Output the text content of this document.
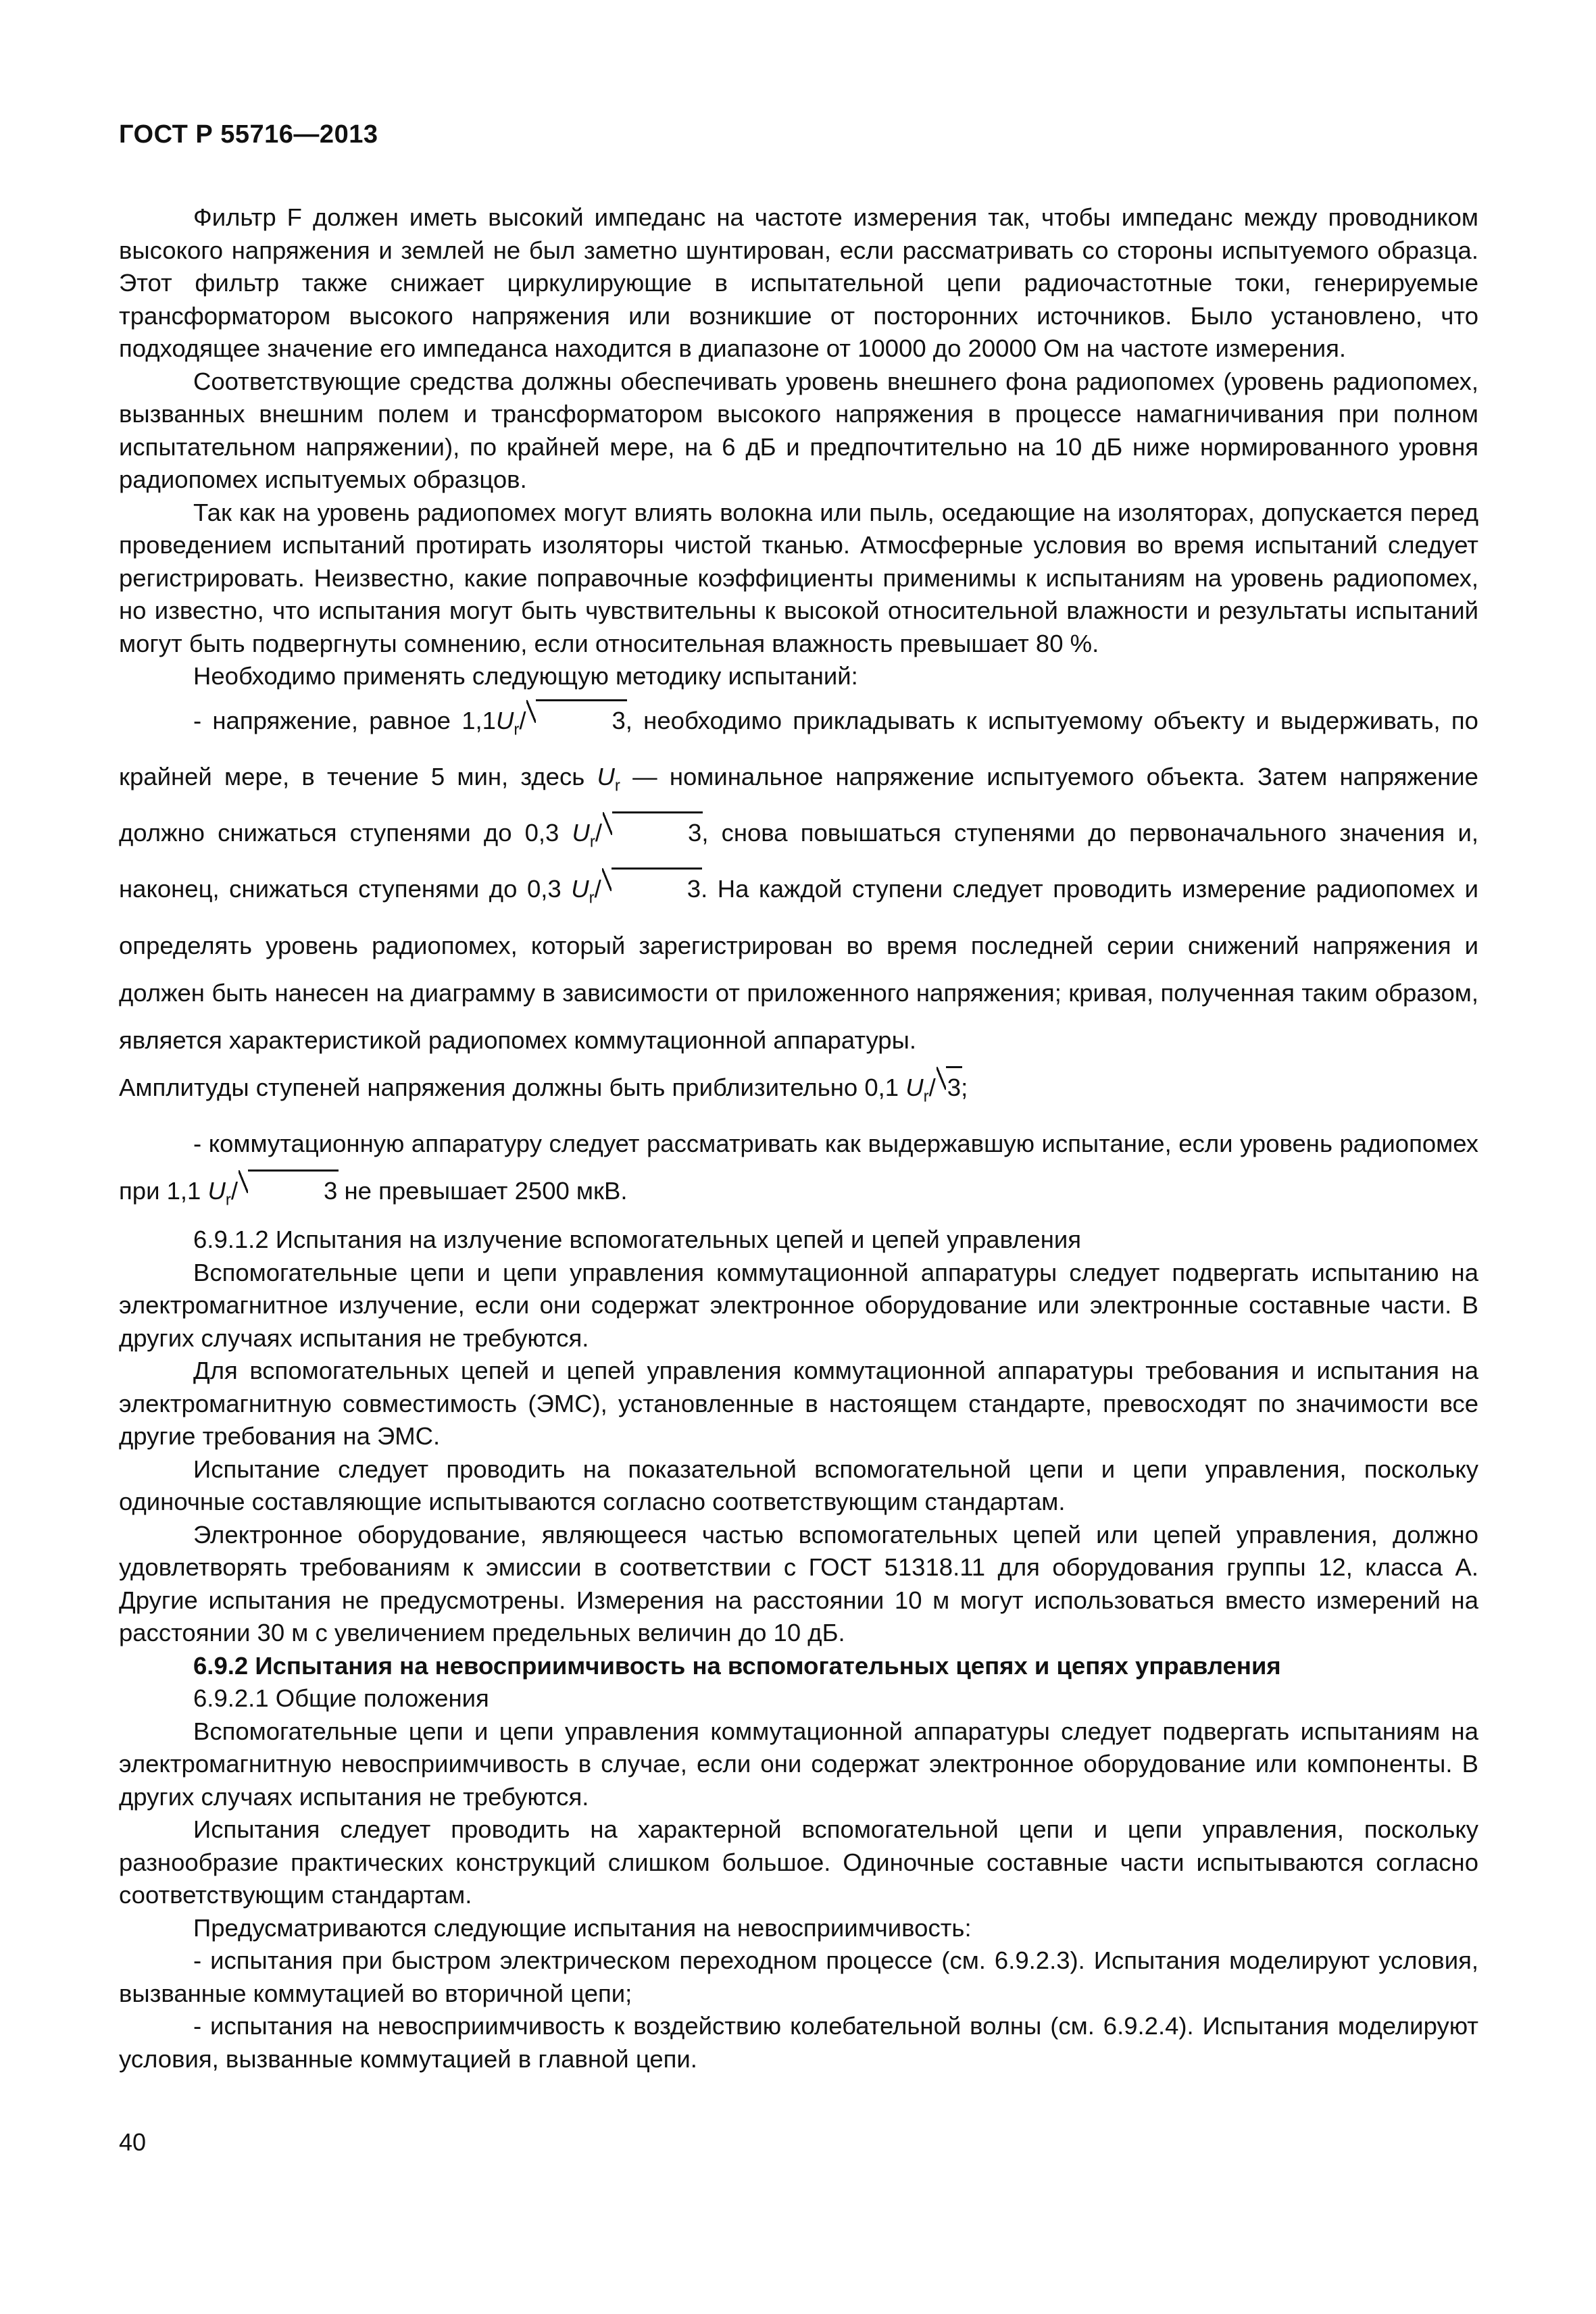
ГОСТ Р 55716—2013

Фильтр F должен иметь высокий импеданс на частоте измерения так, чтобы импеданс между проводником высокого напряжения и землей не был заметно шунтирован, если рассматривать со стороны испытуемого образца. Этот фильтр также снижает циркулирующие в испытательной цепи радиочастотные токи, генерируемые трансформатором высокого напряжения или возникшие от посторонних источников. Было установлено, что подходящее значение его импеданса находится в диапазоне от 10000 до 20000 Ом на частоте измерения.

Соответствующие средства должны обеспечивать уровень внешнего фона радиопомех (уровень радиопомех, вызванных внешним полем и трансформатором высокого напряжения в процессе намагничивания при полном испытательном напряжении), по крайней мере, на 6 дБ и предпочтительно на 10 дБ ниже нормированного уровня радиопомех испытуемых образцов.

Так как на уровень радиопомех могут влиять волокна или пыль, оседающие на изоляторах, допускается перед проведением испытаний протирать изоляторы чистой тканью. Атмосферные условия во время испытаний следует регистрировать. Неизвестно, какие поправочные коэффициенты применимы к испытаниям на уровень радиопомех, но известно, что испытания могут быть чувствительны к высокой относительной влажности и результаты испытаний могут быть подвергнуты сомнению, если относительная влажность превышает 80 %.

Необходимо применять следующую методику испытаний:

- напряжение, равное $1,1U_r/$	3, необходимо прикладывать к испытуемому объекту и выдерживать, по крайней мере, в течение 5 мин, здесь $U_r$ — номинальное напряжение испытуемого объекта. Затем напряжение должно снижаться ступенями до 0,3 $U_r/$	3, снова повышаться ступенями до первоначального значения и, наконец, снижаться ступенями до 0,3 $U_r/$	3. На каждой ступени следует проводить измерение радиопомех и определять уровень радиопомех, который зарегистрирован во время последней серии снижений напряжения и должен быть нанесен на диаграмму в зависимости от приложенного напряжения; кривая, полученная таким образом, является характеристикой радиопомех коммутационной аппаратуры.

Амплитуды ступеней напряжения должны быть приблизительно 0,1 $U_r/$ 3;

- коммутационную аппаратуру следует рассматривать как выдержавшую испытание, если уровень радиопомех при 1,1 $U_r/$	3 не превышает 2500 мкВ.

6.9.1.2 Испытания на излучение вспомогательных цепей и цепей управления

Вспомогательные цепи и цепи управления коммутационной аппаратуры следует подвергать испытанию на электромагнитное излучение, если они содержат электронное оборудование или электронные составные части. В других случаях испытания не требуются.

Для вспомогательных цепей и цепей управления коммутационной аппаратуры требования и испытания на электромагнитную совместимость (ЭМС), установленные в настоящем стандарте, превосходят по значимости все другие требования на ЭМС.

Испытание следует проводить на показательной вспомогательной цепи и цепи управления, поскольку одиночные составляющие испытываются согласно соответствующим стандартам.

Электронное оборудование, являющееся частью вспомогательных цепей или цепей управления, должно удовлетворять требованиям к эмиссии в соответствии с ГОСТ 51318.11 для оборудования группы 12, класса А. Другие испытания не предусмотрены. Измерения на расстоянии 10 м могут использоваться вместо измерений на расстоянии 30 м с увеличением предельных величин до 10 дБ.

6.9.2 Испытания на невосприимчивость на вспомогательных цепях и цепях управления

6.9.2.1 Общие положения

Вспомогательные цепи и цепи управления коммутационной аппаратуры следует подвергать испытаниям на электромагнитную невосприимчивость в случае, если они содержат электронное оборудование или компоненты. В других случаях испытания не требуются.

Испытания следует проводить на характерной вспомогательной цепи и цепи управления, поскольку разнообразие практических конструкций слишком большое. Одиночные составные части испытываются согласно соответствующим стандартам.

Предусматриваются следующие испытания на невосприимчивость:

- испытания при быстром электрическом переходном процессе (см. 6.9.2.3). Испытания моделируют условия, вызванные коммутацией во вторичной цепи;

- испытания на невосприимчивость к воздействию колебательной волны (см. 6.9.2.4). Испытания моделируют условия, вызванные коммутацией в главной цепи.

40
